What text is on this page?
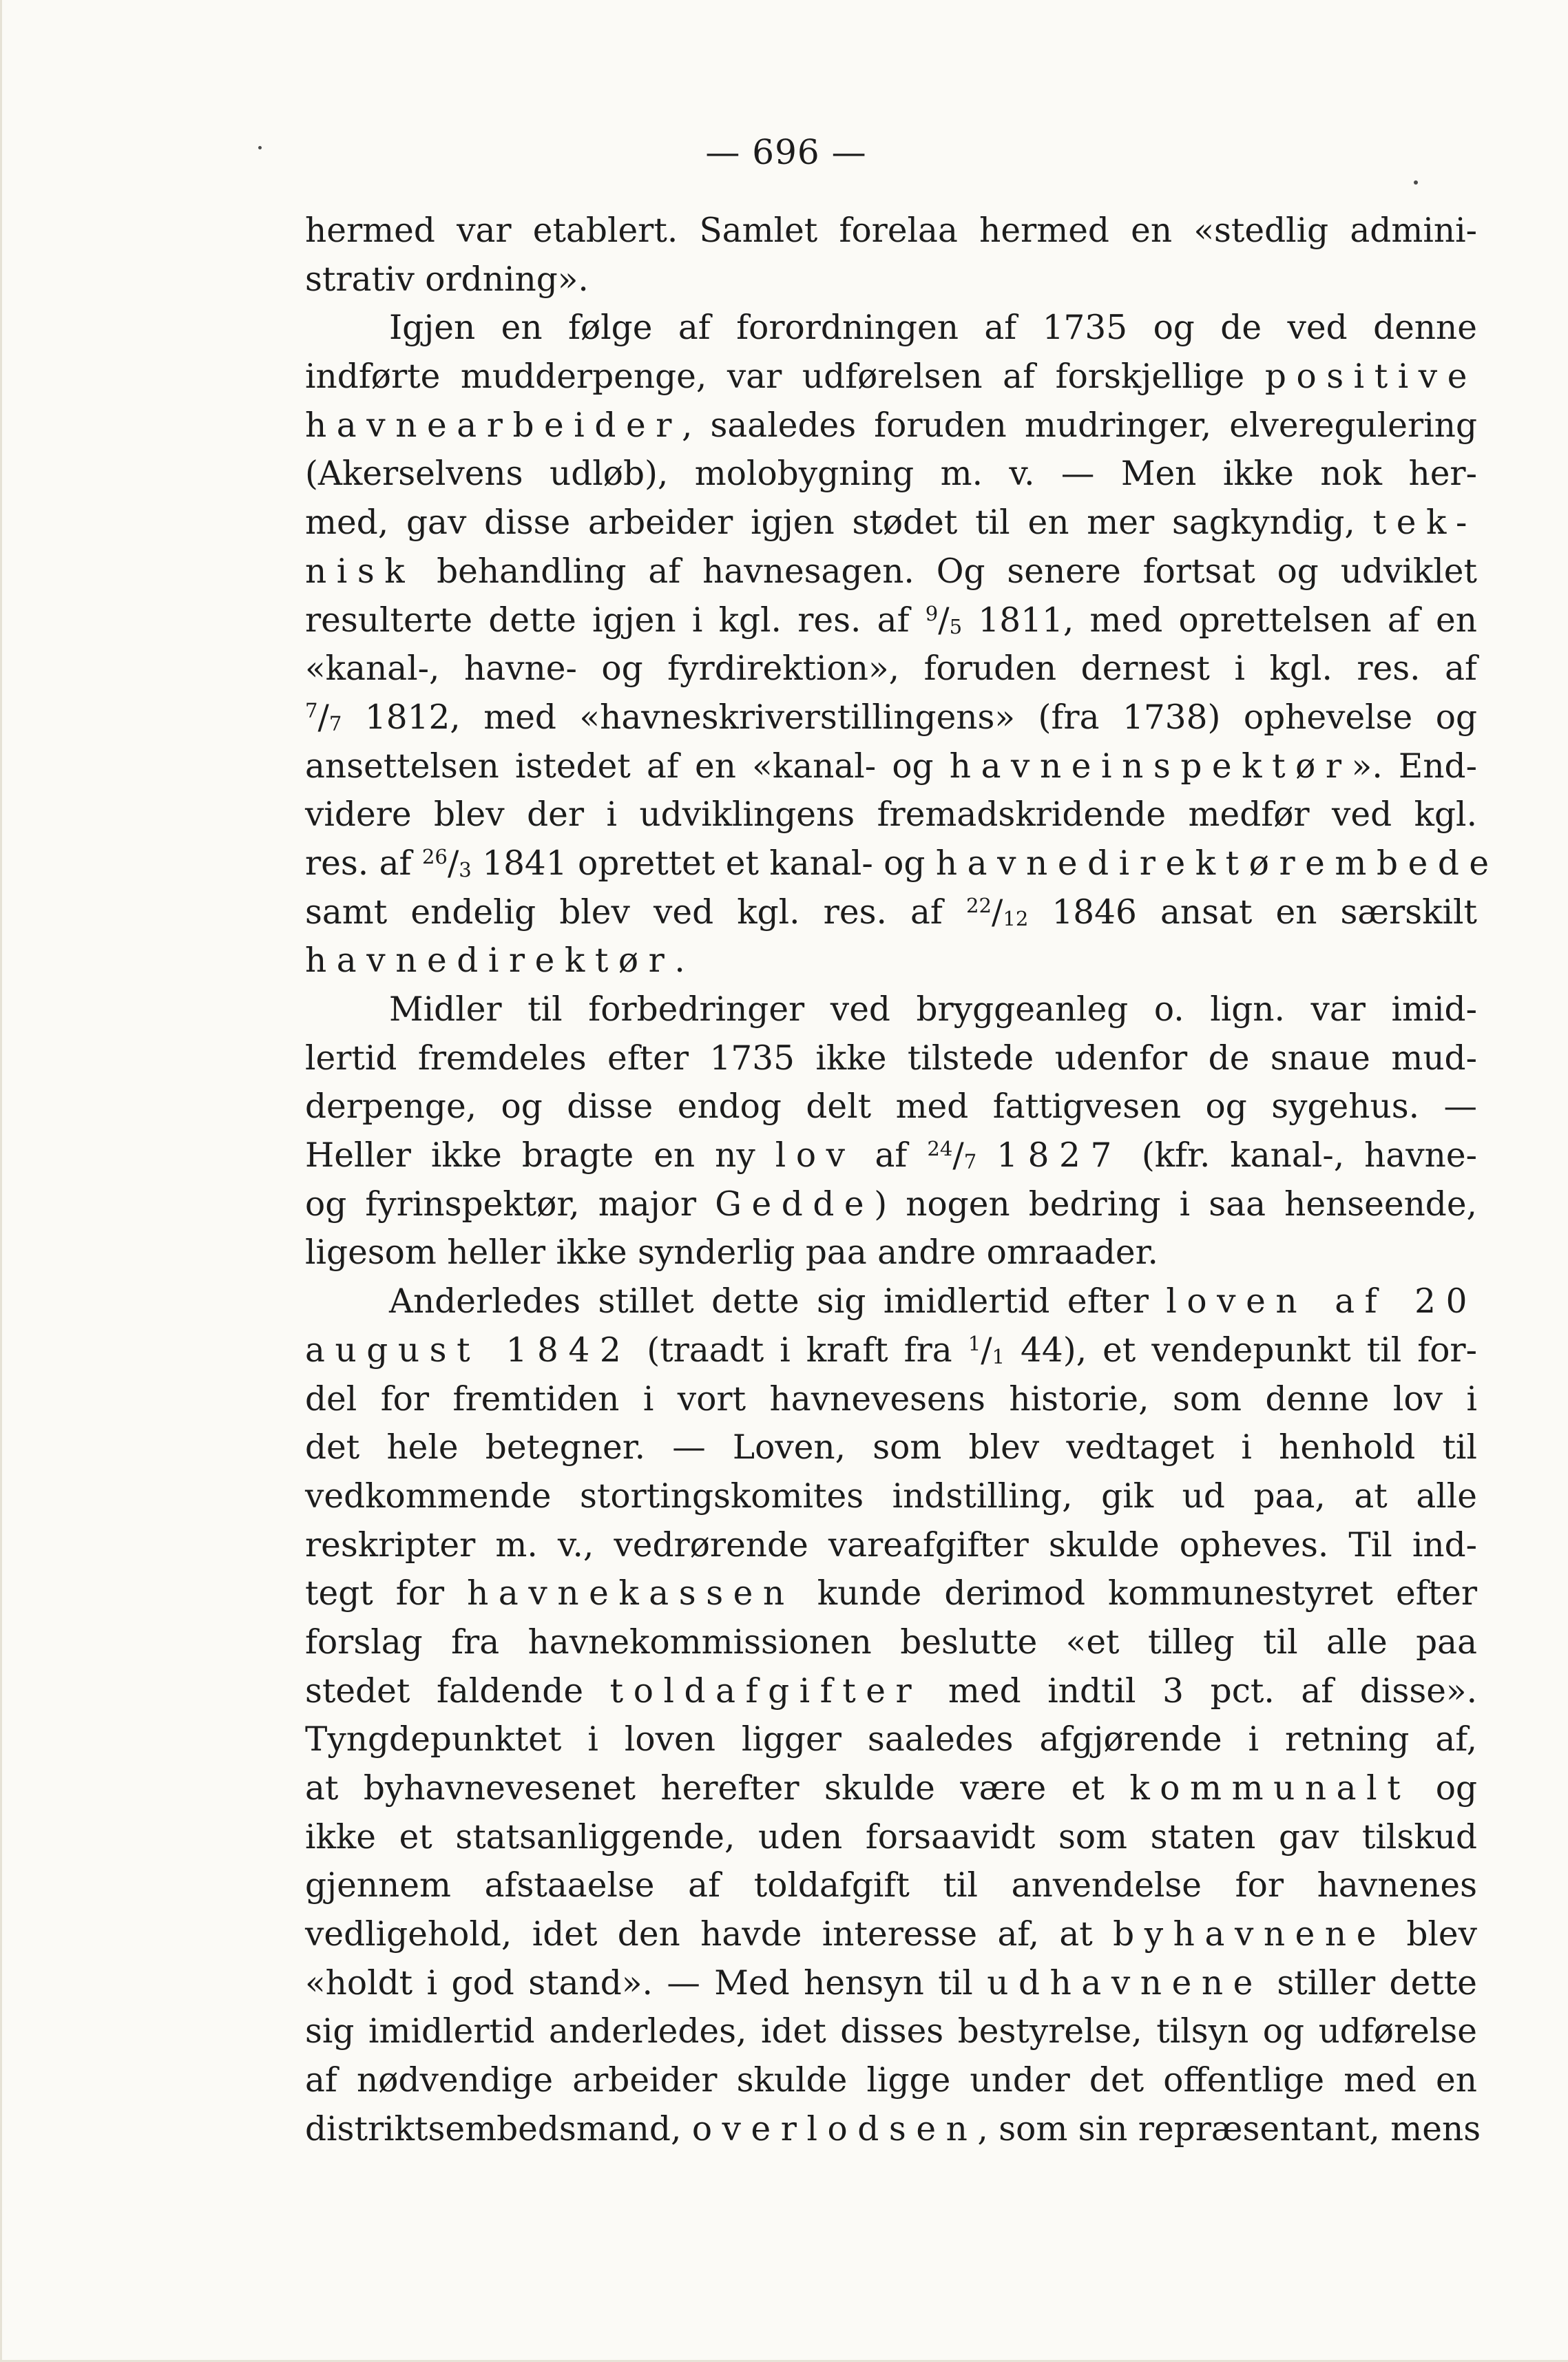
— 696 —
hermed var etablert. Samlet forelaa hermed en «stedlig admini-
strativ ordning».
Igjen en følge af forordningen af 1735 og de ved denne
indførte mudderpenge, var udførelsen af forskjellige positive
havnearbeider, saaledes foruden mudringer, elveregulering
(Akerselvens udløb), molobygning m. v. — Men ikke nok her-
med, gav disse arbeider igjen stødet til en mer sagkyndig, tek-
nisk behandling af havnesagen. Og senere fortsat og udviklet
resulterte dette igjen i kgl. res. af $^9/_5$ 1811, med oprettelsen af en
«kanal-, havne- og fyrdirektion», foruden dernest i kgl. res. af
$^7/_7$ 1812, med «havneskriverstillingens» (fra 1738) ophevelse og
ansettelsen istedet af en «kanal- og havneinspektør». End-
videre blev der i udviklingens fremadskridende medfør ved kgl.
res. af $^{26}/_3$ 1841 oprettet et kanal- og havnedirektørembede
samt endelig blev ved kgl. res. af $^{22}/_{12}$ 1846 ansat en særskilt
havnedirektør.
Midler til forbedringer ved bryggeanleg o. lign. var imid-
lertid fremdeles efter 1735 ikke tilstede udenfor de snaue mud-
derpenge, og disse endog delt med fattigvesen og sygehus. —
Heller ikke bragte en ny lov af $^{24}/_7$ 1827 (kfr. kanal-, havne-
og fyrinspektør, major Gedde) nogen bedring i saa henseende,
ligesom heller ikke synderlig paa andre omraader.
Anderledes stillet dette sig imidlertid efter loven af 20
august 1842 (traadt i kraft fra $^1/_1$ 44), et vendepunkt til for-
del for fremtiden i vort havnevesens historie, som denne lov i
det hele betegner. — Loven, som blev vedtaget i henhold til
vedkommende stortingskomites indstilling, gik ud paa, at alle
reskripter m. v., vedrørende vareafgifter skulde opheves. Til ind-
tegt for havnekassen kunde derimod kommunestyret efter
forslag fra havnekommissionen beslutte «et tilleg til alle paa
stedet faldende toldafgifter med indtil 3 pct. af disse».
Tyngdepunktet i loven ligger saaledes afgjørende i retning af,
at byhavnevesenet herefter skulde være et kommunalt og
ikke et statsanliggende, uden forsaavidt som staten gav tilskud
gjennem afstaaelse af toldafgift til anvendelse for havnenes
vedligehold, idet den havde interesse af, at byhavnene blev
«holdt i god stand». — Med hensyn til udhavnene stiller dette
sig imidlertid anderledes, idet disses bestyrelse, tilsyn og udførelse
af nødvendige arbeider skulde ligge under det offentlige med en
distriktsembedsmand, overlodsen, som sin repræsentant, mens
